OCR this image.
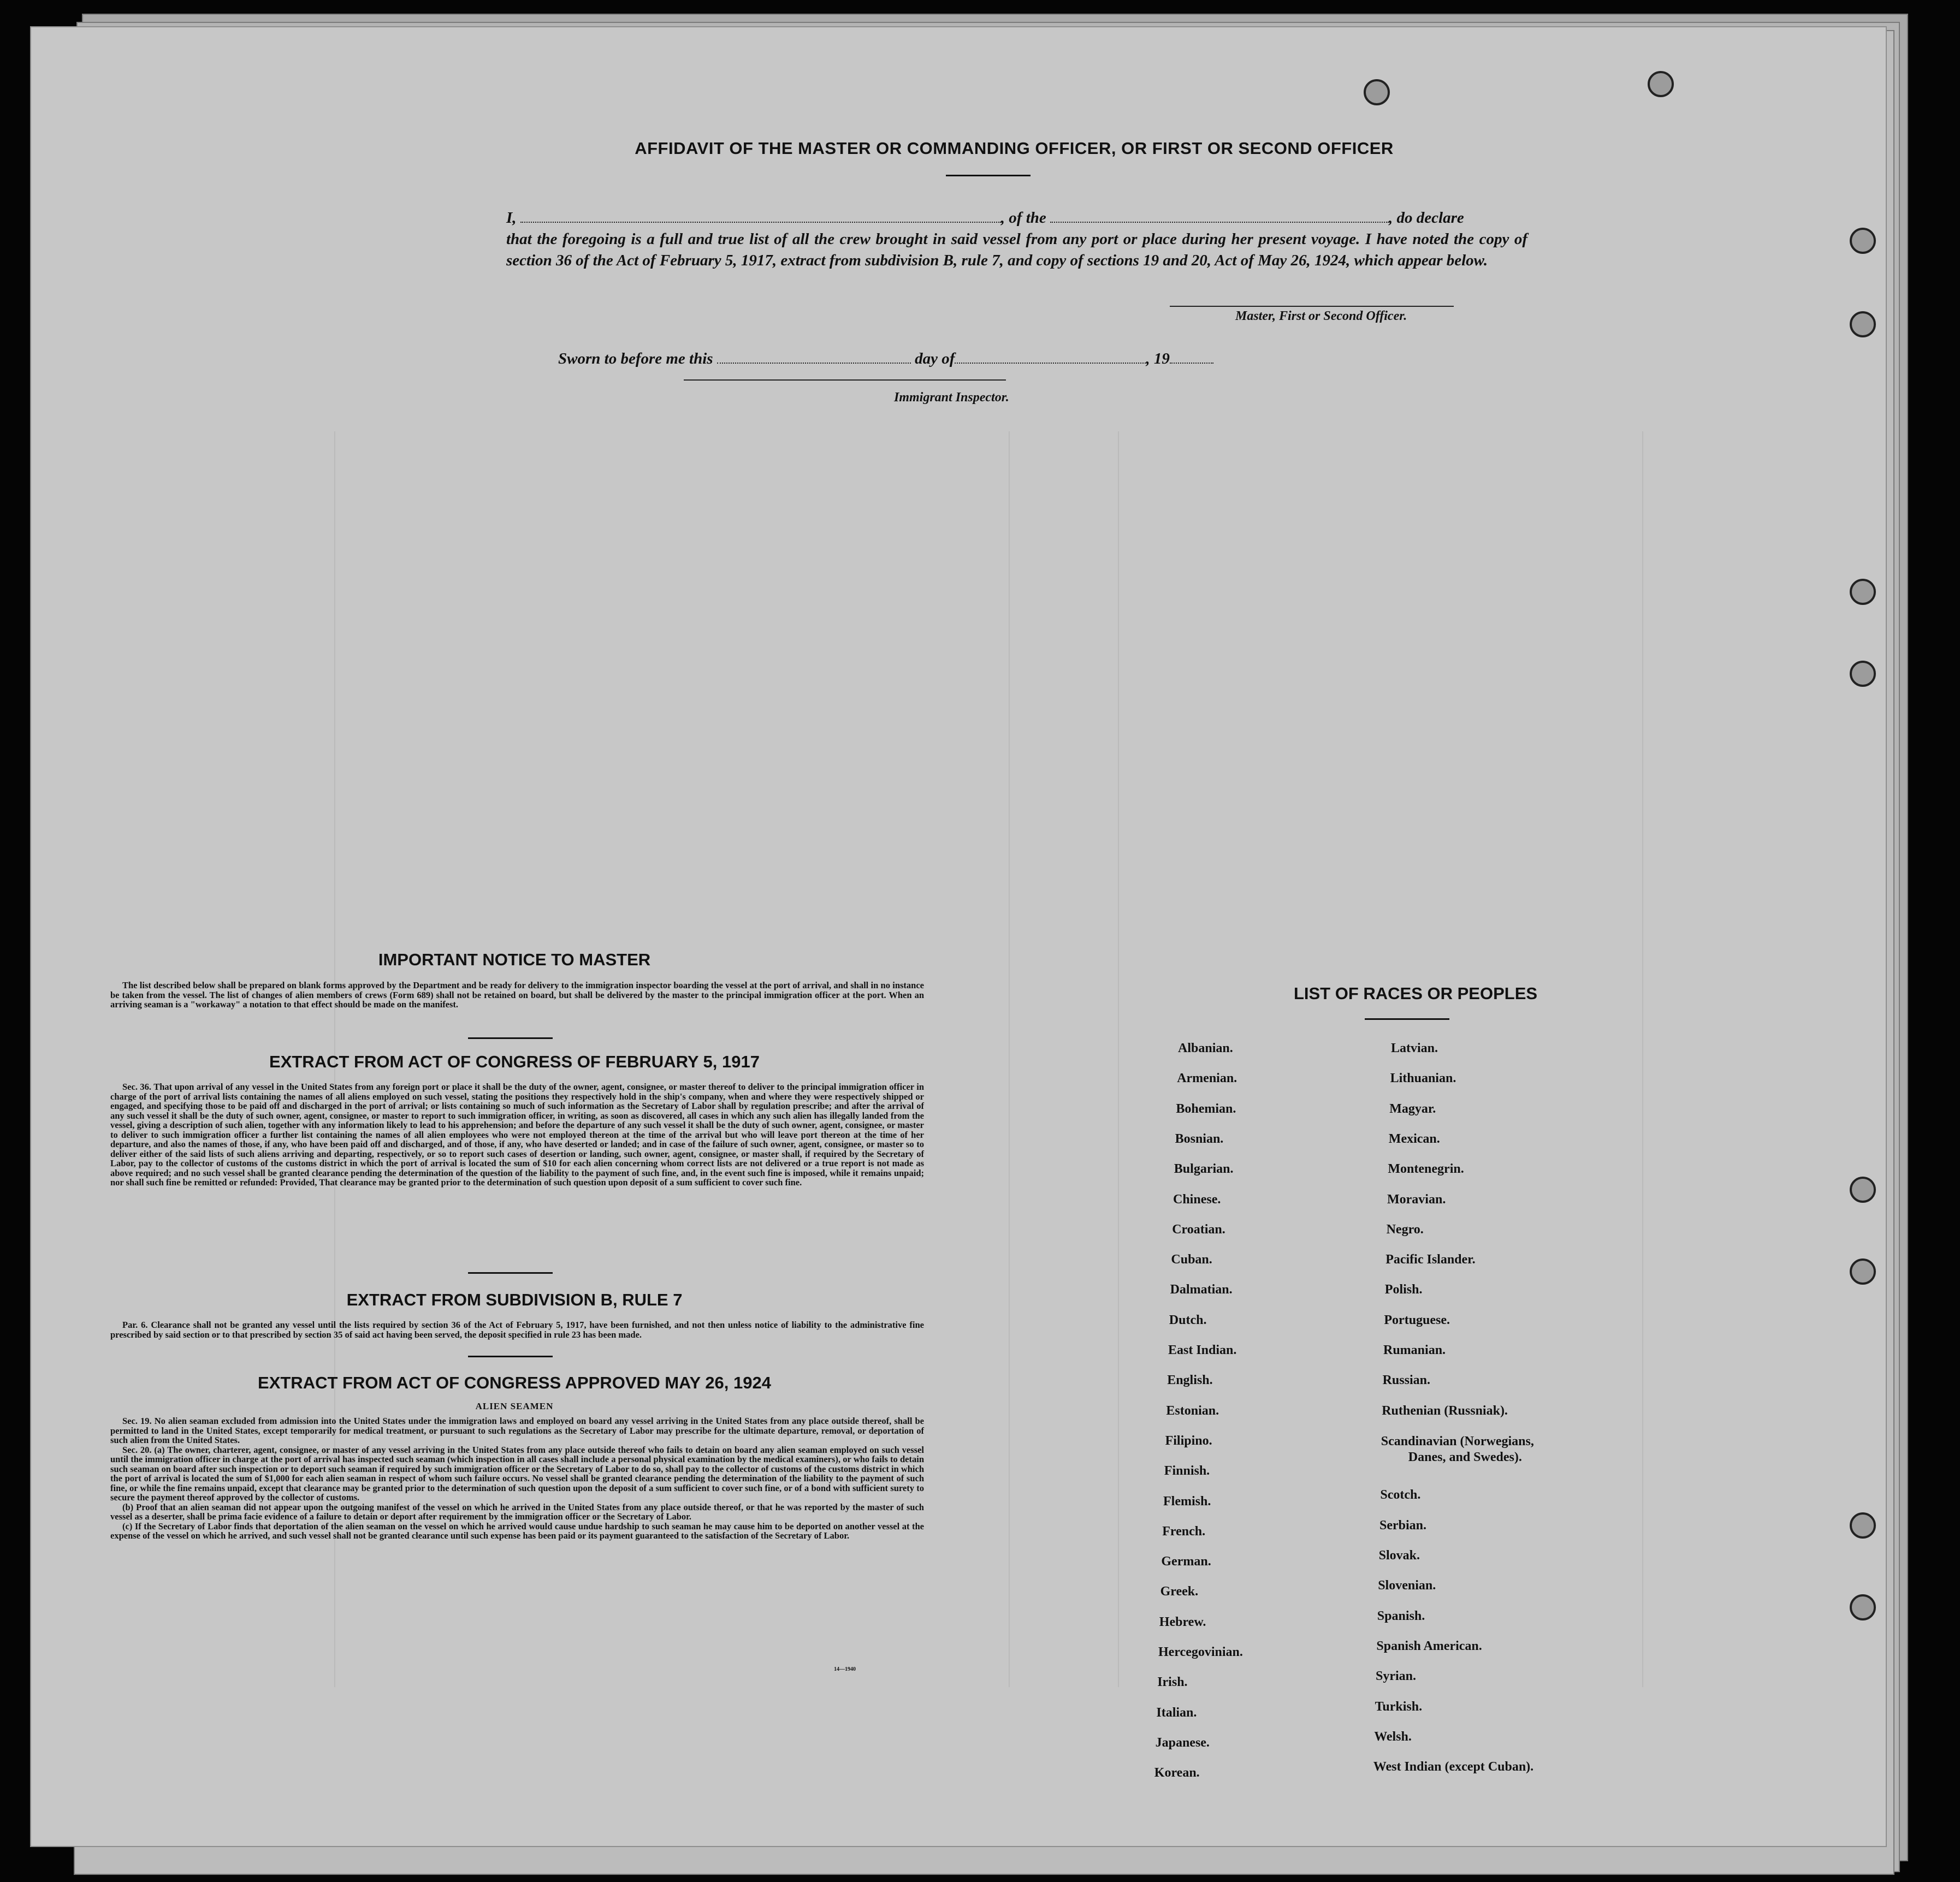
AFFIDAVIT OF THE MASTER OR COMMANDING OFFICER, OR FIRST OR SECOND OFFICER
I,	, of the	, do declare
that the foregoing is a full and true list of all the crew brought in said vessel from any port or place during her present voyage. I have noted the copy of section 36 of the Act of February 5, 1917, extract from subdivision B, rule 7, and copy of sections 19 and 20, Act of May 26, 1924, which appear below.
Master, First or Second Officer.
Sworn to before me this	day of	, 19
Immigrant Inspector.
IMPORTANT NOTICE TO MASTER

The list described below shall be prepared on blank forms approved by the Department and be ready for delivery to the immigration inspector boarding the vessel at the port of arrival, and shall in no instance be taken from the vessel. The list of changes of alien members of crews (Form 689) shall not be retained on board, but shall be delivered by the master to the principal immigration officer at the port. When an arriving seaman is a "workaway" a notation to that effect should be made on the manifest.

EXTRACT FROM ACT OF CONGRESS OF FEBRUARY 5, 1917

Sec. 36. That upon arrival of any vessel in the United States from any foreign port or place it shall be the duty of the owner, agent, consignee, or master thereof to deliver to the principal immigration officer in charge of the port of arrival lists containing the names of all aliens employed on such vessel, stating the positions they respectively hold in the ship's company, when and where they were respectively shipped or engaged, and specifying those to be paid off and discharged in the port of arrival; or lists containing so much of such information as the Secretary of Labor shall by regulation prescribe; and after the arrival of any such vessel it shall be the duty of such owner, agent, consignee, or master to report to such immigration officer, in writing, as soon as discovered, all cases in which any such alien has illegally landed from the vessel, giving a description of such alien, together with any information likely to lead to his apprehension; and before the departure of any such vessel it shall be the duty of such owner, agent, consignee, or master to deliver to such immigration officer a further list containing the names of all alien employees who were not employed thereon at the time of the arrival but who will leave port thereon at the time of her departure, and also the names of those, if any, who have been paid off and discharged, and of those, if any, who have deserted or landed; and in case of the failure of such owner, agent, consignee, or master so to deliver either of the said lists of such aliens arriving and departing, respectively, or so to report such cases of desertion or landing, such owner, agent, consignee, or master shall, if required by the Secretary of Labor, pay to the collector of customs of the customs district in which the port of arrival is located the sum of $10 for each alien concerning whom correct lists are not delivered or a true report is not made as above required; and no such vessel shall be granted clearance pending the determination of the question of the liability to the payment of such fine, and, in the event such fine is imposed, while it remains unpaid; nor shall such fine be remitted or refunded: Provided, That clearance may be granted prior to the determination of such question upon deposit of a sum sufficient to cover such fine.

EXTRACT FROM SUBDIVISION B, RULE 7

Par. 6. Clearance shall not be granted any vessel until the lists required by section 36 of the Act of February 5, 1917, have been furnished, and not then unless notice of liability to the administrative fine prescribed by said section or to that prescribed by section 35 of said act having been served, the deposit specified in rule 23 has been made.

EXTRACT FROM ACT OF CONGRESS APPROVED MAY 26, 1924
ALIEN SEAMEN

Sec. 19. No alien seaman excluded from admission into the United States under the immigration laws and employed on board any vessel arriving in the United States from any place outside thereof, shall be permitted to land in the United States, except temporarily for medical treatment, or pursuant to such regulations as the Secretary of Labor may prescribe for the ultimate departure, removal, or deportation of such alien from the United States.

Sec. 20. (a) The owner, charterer, agent, consignee, or master of any vessel arriving in the United States from any place outside thereof who fails to detain on board any alien seaman employed on such vessel until the immigration officer in charge at the port of arrival has inspected such seaman (which inspection in all cases shall include a personal physical examination by the medical examiners), or who fails to detain such seaman on board after such inspection or to deport such seaman if required by such immigration officer or the Secretary of Labor to do so, shall pay to the collector of customs of the customs district in which the port of arrival is located the sum of $1,000 for each alien seaman in respect of whom such failure occurs. No vessel shall be granted clearance pending the determination of the liability to the payment of such fine, or while the fine remains unpaid, except that clearance may be granted prior to the determination of such question upon the deposit of a sum sufficient to cover such fine, or of a bond with sufficient surety to secure the payment thereof approved by the collector of customs.

(b) Proof that an alien seaman did not appear upon the outgoing manifest of the vessel on which he arrived in the United States from any place outside thereof, or that he was reported by the master of such vessel as a deserter, shall be prima facie evidence of a failure to detain or deport after requirement by the immigration officer or the Secretary of Labor.

(c) If the Secretary of Labor finds that deportation of the alien seaman on the vessel on which he arrived would cause undue hardship to such seaman he may cause him to be deported on another vessel at the expense of the vessel on which he arrived, and such vessel shall not be granted clearance until such expense has been paid or its payment guaranteed to the satisfaction of the Secretary of Labor.

14—1940
LIST OF RACES OR PEOPLES
Albanian.
Armenian.
Bohemian.
Bosnian.
Bulgarian.
Chinese.
Croatian.
Cuban.
Dalmatian.
Dutch.
East Indian.
English.
Estonian.
Filipino.
Finnish.
Flemish.
French.
German.
Greek.
Hebrew.
Hercegovinian.
Irish.
Italian.
Japanese.
Korean.
Latvian.
Lithuanian.
Magyar.
Mexican.
Montenegrin.
Moravian.
Negro.
Pacific Islander.
Polish.
Portuguese.
Rumanian.
Russian.
Ruthenian (Russniak).
Scandinavian (Norwegians,
Danes, and Swedes).
Scotch.
Serbian.
Slovak.
Slovenian.
Spanish.
Spanish American.
Syrian.
Turkish.
Welsh.
West Indian (except Cuban).
